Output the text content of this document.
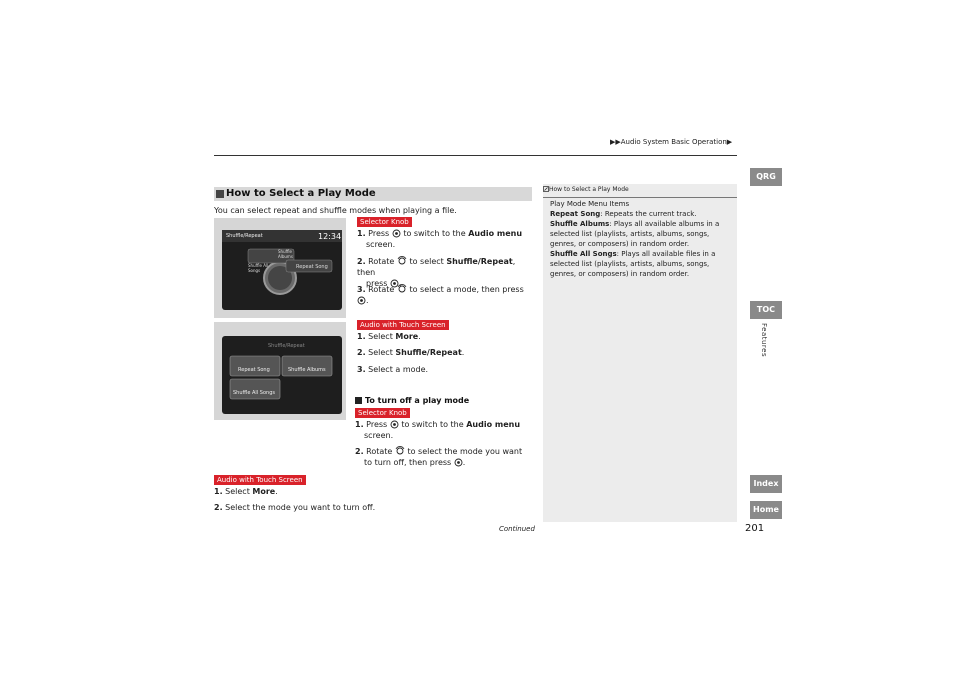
▶▶Audio System Basic Operation▶
QRG
TOC
Features
Index
Home
How to Select a Play Mode
You can select repeat and shuffle modes when playing a file.
Shuffle/Repeat	12:34
Shuffle
Albums
Shuffle All
Songs
Repeat Song
Shuffle/Repeat
Repeat Song	Shuffle Albums
Shuffle All Songs
Selector Knob
1. Press to switch to the Audio menu
screen.
2. Rotate to select Shuffle/Repeat, then
press .
3. Rotate to select a mode, then press .
Audio with Touch Screen
1. Select More.
2. Select Shuffle/Repeat.
3. Select a mode.
To turn off a play mode
Selector Knob
1. Press to switch to the Audio menu
screen.
2. Rotate to select the mode you want
to turn off, then press .
Audio with Touch Screen
1. Select More.
2. Select the mode you want to turn off.
Continued	201
How to Select a Play Mode

Play Mode Menu Items

Repeat Song: Repeats the current track.

Shuffle Albums: Plays all available albums in a selected list (playlists, artists, albums, songs, genres, or composers) in random order.

Shuffle All Songs: Plays all available files in a selected list (playlists, artists, albums, songs, genres, or composers) in random order.
